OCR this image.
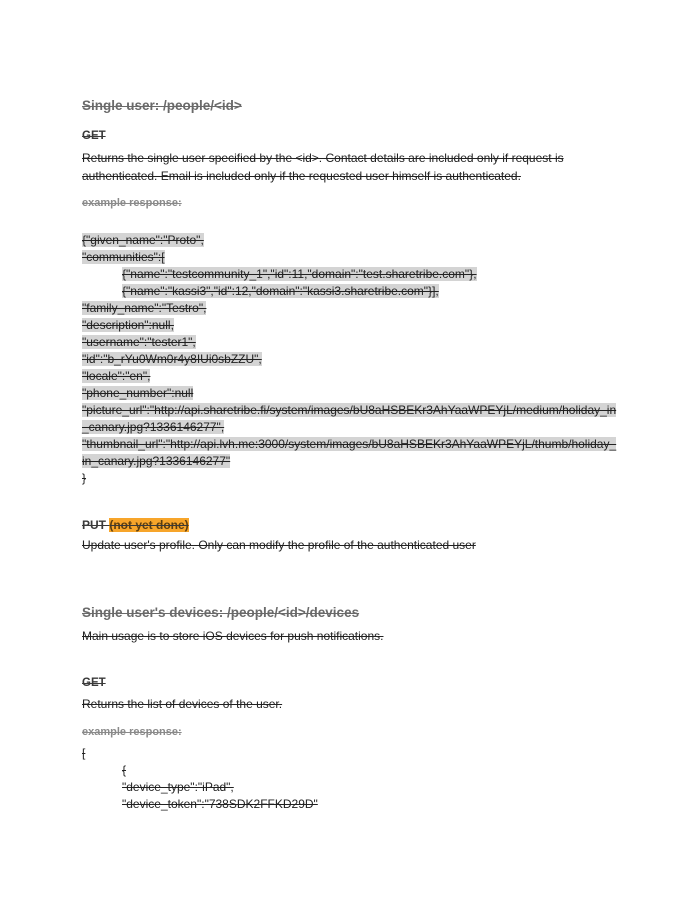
Single user: /people/<id>
GET
Returns the single user specified by the <id>. Contact details are included only if request is authenticated. Email is included only if the requested user himself is authenticated.
example response:
{"given_name":"Proto",
"communities":[
{"name":"testcommunity_1","id":11,"domain":"test.sharetribe.com"},
{"name":"kassi3","id":12,"domain":"kassi3.sharetribe.com"}],
"family_name":"Testro",
"description":null,
"username":"tester1",
"id":"b_rYu0Wm0r4y8IUi0sbZZU",
"locale":"en",
"phone_number":null
"picture_url":"http://api.sharetribe.fi/system/images/bU8aHSBEKr3AhYaaWPEYjL/medium/holiday_in_canary.jpg?1336146277",
"thumbnail_url":"http://api.lvh.me:3000/system/images/bU8aHSBEKr3AhYaaWPEYjL/thumb/holiday_in_canary.jpg?1336146277"
}
PUT (not yet done)
Update user's profile. Only can modify the profile of the authenticated user
Single user's devices: /people/<id>/devices
Main usage is to store iOS devices for push notifications.
GET
Returns the list of devices of the user.
example response:
[
{
"device_type":"iPad",
"device_token":"738SDK2FFKD29D"
